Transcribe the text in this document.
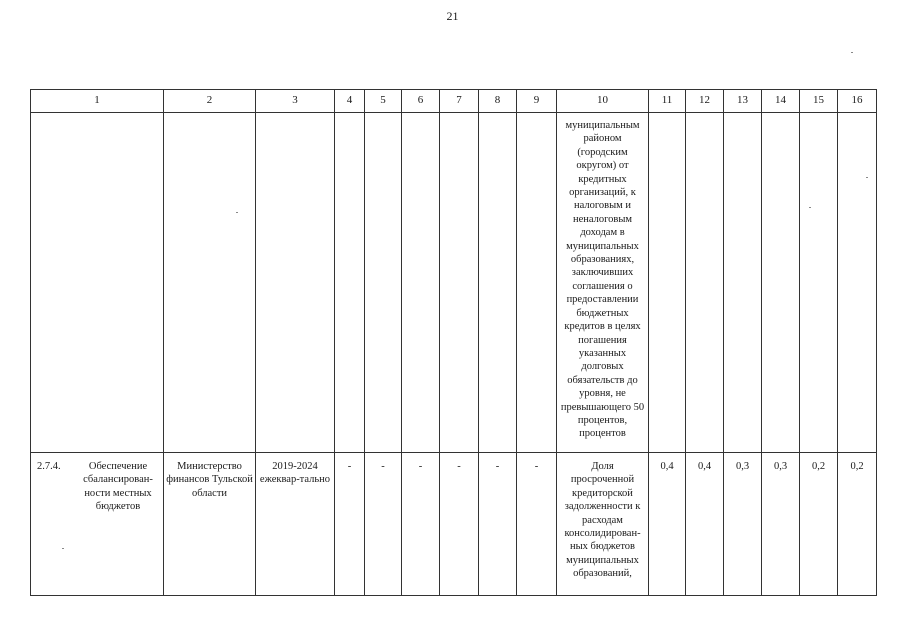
21
1	2	3	4	5	6	7	8	9	10	11	12	13	14	15	16

									муниципальным районом (городским округом) от кредитных организаций, к налоговым и неналоговым доходам в муниципальных образованиях, заключивших соглашения о предоставлении бюджетных кредитов в целях погашения указанных долговых обязательств до уровня, не превышающего 50 процентов, процентов						

2.7.4. Обеспечение сбалансирован-ности местных бюджетов	Министерство финансов Тульской области	2019-2024 ежеквар-тально	-	-	-	-	-	-	Доля просроченной кредиторской задолженности к расходам консолидирован-ных бюджетов муниципальных образований,	0,4	0,4	0,3	0,3	0,2	0,2
